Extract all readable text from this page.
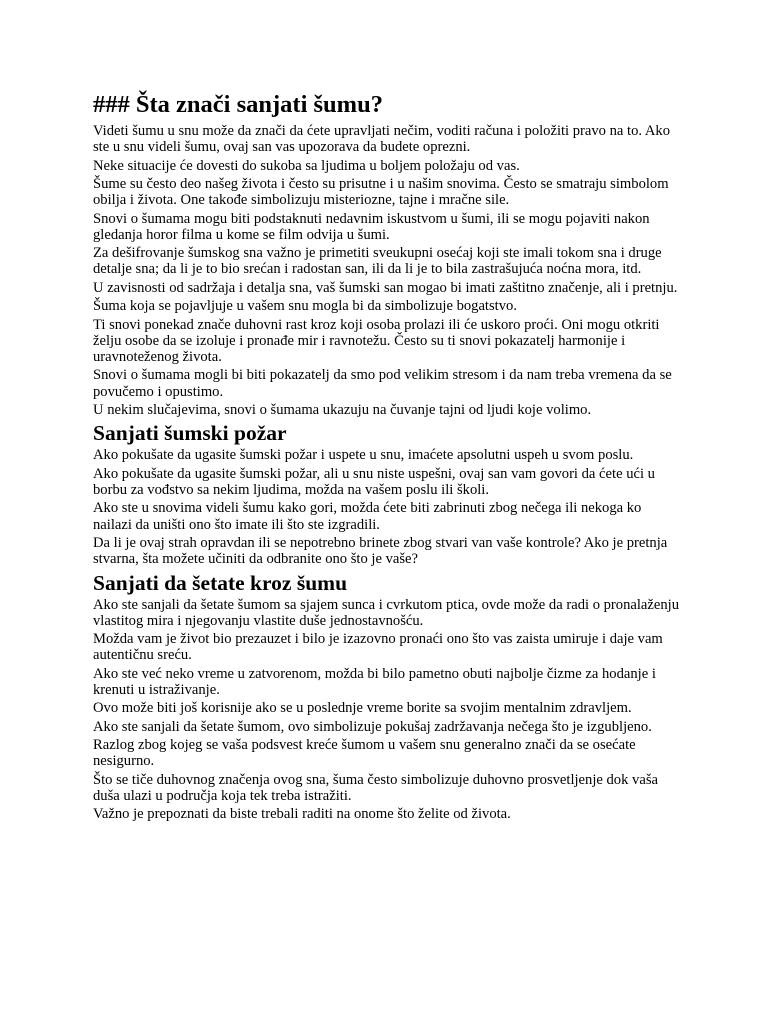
### Šta znači sanjati šumu?

Videti šumu u snu može da znači da ćete upravljati nečim, voditi računa i položiti pravo na to. Ako ste u snu videli šumu, ovaj san vas upozorava da budete oprezni.

Neke situacije će dovesti do sukoba sa ljudima u boljem položaju od vas.

Šume su često deo našeg života i često su prisutne i u našim snovima. Često se smatraju simbolom obilja i života. One takođe simbolizuju misteriozne, tajne i mračne sile.

Snovi o šumama mogu biti podstaknuti nedavnim iskustvom u šumi, ili se mogu pojaviti nakon gledanja horor filma u kome se film odvija u šumi.

Za dešifrovanje šumskog sna važno je primetiti sveukupni osećaj koji ste imali tokom sna i druge detalje sna; da li je to bio srećan i radostan san, ili da li je to bila zastrašujuća noćna mora, itd.

U zavisnosti od sadržaja i detalja sna, vaš šumski san mogao bi imati zaštitno značenje, ali i pretnju.

Šuma koja se pojavljuje u vašem snu mogla bi da simbolizuje bogatstvo.

Ti snovi ponekad znače duhovni rast kroz koji osoba prolazi ili će uskoro proći. Oni mogu otkriti želju osobe da se izoluje i pronađe mir i ravnotežu. Često su ti snovi pokazatelj harmonije i uravnoteženog života.

Snovi o šumama mogli bi biti pokazatelj da smo pod velikim stresom i da nam treba vremena da se povučemo i opustimo.

U nekim slučajevima, snovi o šumama ukazuju na čuvanje tajni od ljudi koje volimo.

Sanjati šumski požar

Ako pokušate da ugasite šumski požar i uspete u snu, imaćete apsolutni uspeh u svom poslu.

Ako pokušate da ugasite šumski požar, ali u snu niste uspešni, ovaj san vam govori da ćete ući u borbu za vođstvo sa nekim ljudima, možda na vašem poslu ili školi.

Ako ste u snovima videli šumu kako gori, možda ćete biti zabrinuti zbog nečega ili nekoga ko nailazi da uništi ono što imate ili što ste izgradili.

Da li je ovaj strah opravdan ili se nepotrebno brinete zbog stvari van vaše kontrole? Ako je pretnja stvarna, šta možete učiniti da odbranite ono što je vaše?

Sanjati da šetate kroz šumu

Ako ste sanjali da šetate šumom sa sjajem sunca i cvrkutom ptica, ovde može da radi o pronalaženju vlastitog mira i njegovanju vlastite duše jednostavnošću.

Možda vam je život bio prezauzet i bilo je izazovno pronaći ono što vas zaista umiruje i daje vam autentičnu sreću.

Ako ste već neko vreme u zatvorenom, možda bi bilo pametno obuti najbolje čizme za hodanje i krenuti u istraživanje.

Ovo može biti još korisnije ako se u poslednje vreme borite sa svojim mentalnim zdravljem.

Ako ste sanjali da šetate šumom, ovo simbolizuje pokušaj zadržavanja nečega što je izgubljeno.

Razlog zbog kojeg se vaša podsvest kreće šumom u vašem snu generalno znači da se osećate nesigurno.

Što se tiče duhovnog značenja ovog sna, šuma često simbolizuje duhovno prosvetljenje dok vaša duša ulazi u područja koja tek treba istražiti.

Važno je prepoznati da biste trebali raditi na onome što želite od života.
